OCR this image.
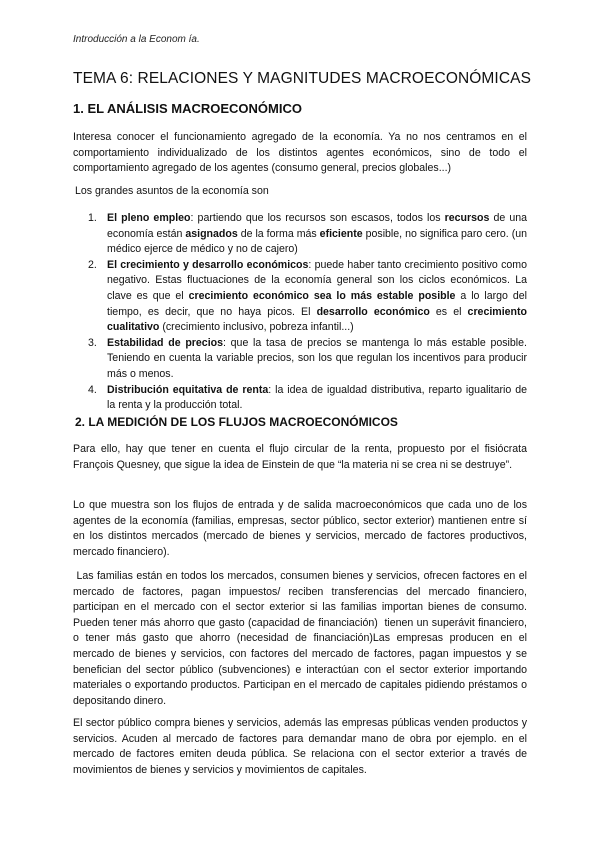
Introducción a la Econom ía.
TEMA 6: RELACIONES Y MAGNITUDES MACROECONÓMICAS
1. EL ANÁLISIS MACROECONÓMICO

Interesa conocer el funcionamiento agregado de la economía. Ya no nos centramos en el comportamiento individualizado de los distintos agentes económicos, sino de todo el comportamiento agregado de los agentes (consumo general, precios globales...)

Los grandes asuntos de la economía son

1. El pleno empleo: partiendo que los recursos son escasos, todos los recursos de una economía están asignados de la forma más eficiente posible, no significa paro cero. (un médico ejerce de médico y no de cajero)
2. El crecimiento y desarrollo económicos: puede haber tanto crecimiento positivo como negativo. Estas fluctuaciones de la economía general son los ciclos económicos. La clave es que el crecimiento económico sea lo más estable posible a lo largo del tiempo, es decir, que no haya picos. El desarrollo económico es el crecimiento cualitativo (crecimiento inclusivo, pobreza infantil...)
3. Estabilidad de precios: que la tasa de precios se mantenga lo más estable posible. Teniendo en cuenta la variable precios, son los que regulan los incentivos para producir más o menos.
4. Distribución equitativa de renta: la idea de igualdad distributiva, reparto igualitario de la renta y la producción total.
2. LA MEDICIÓN DE LOS FLUJOS MACROECONÓMICOS

Para ello, hay que tener en cuenta el flujo circular de la renta, propuesto por el fisiócrata François Quesney, que sigue la idea de Einstein de que “la materia ni se crea ni se destruye”.

Lo que muestra son los flujos de entrada y de salida macroeconómicos que cada uno de los agentes de la economía (familias, empresas, sector público, sector exterior) mantienen entre sí en los distintos mercados (mercado de bienes y servicios, mercado de factores productivos, mercado financiero).

Las familias están en todos los mercados, consumen bienes y servicios, ofrecen factores en el mercado de factores, pagan impuestos/ reciben transferencias del mercado financiero, participan en el mercado con el sector exterior si las familias importan bienes de consumo. Pueden tener más ahorro que gasto (capacidad de financiación)  tienen un superávit financiero, o tener más gasto que ahorro (necesidad de financiación)Las empresas producen en el mercado de bienes y servicios, con factores del mercado de factores, pagan impuestos y se benefician del sector público (subvenciones) e interactúan con el sector exterior importando materiales o exportando productos. Participan en el mercado de capitales pidiendo préstamos o depositando dinero.

El sector público compra bienes y servicios, además las empresas públicas venden productos y servicios. Acuden al mercado de factores para demandar mano de obra por ejemplo. en el mercado de factores emiten deuda pública. Se relaciona con el sector exterior a través de movimientos de bienes y servicios y movimientos de capitales.
